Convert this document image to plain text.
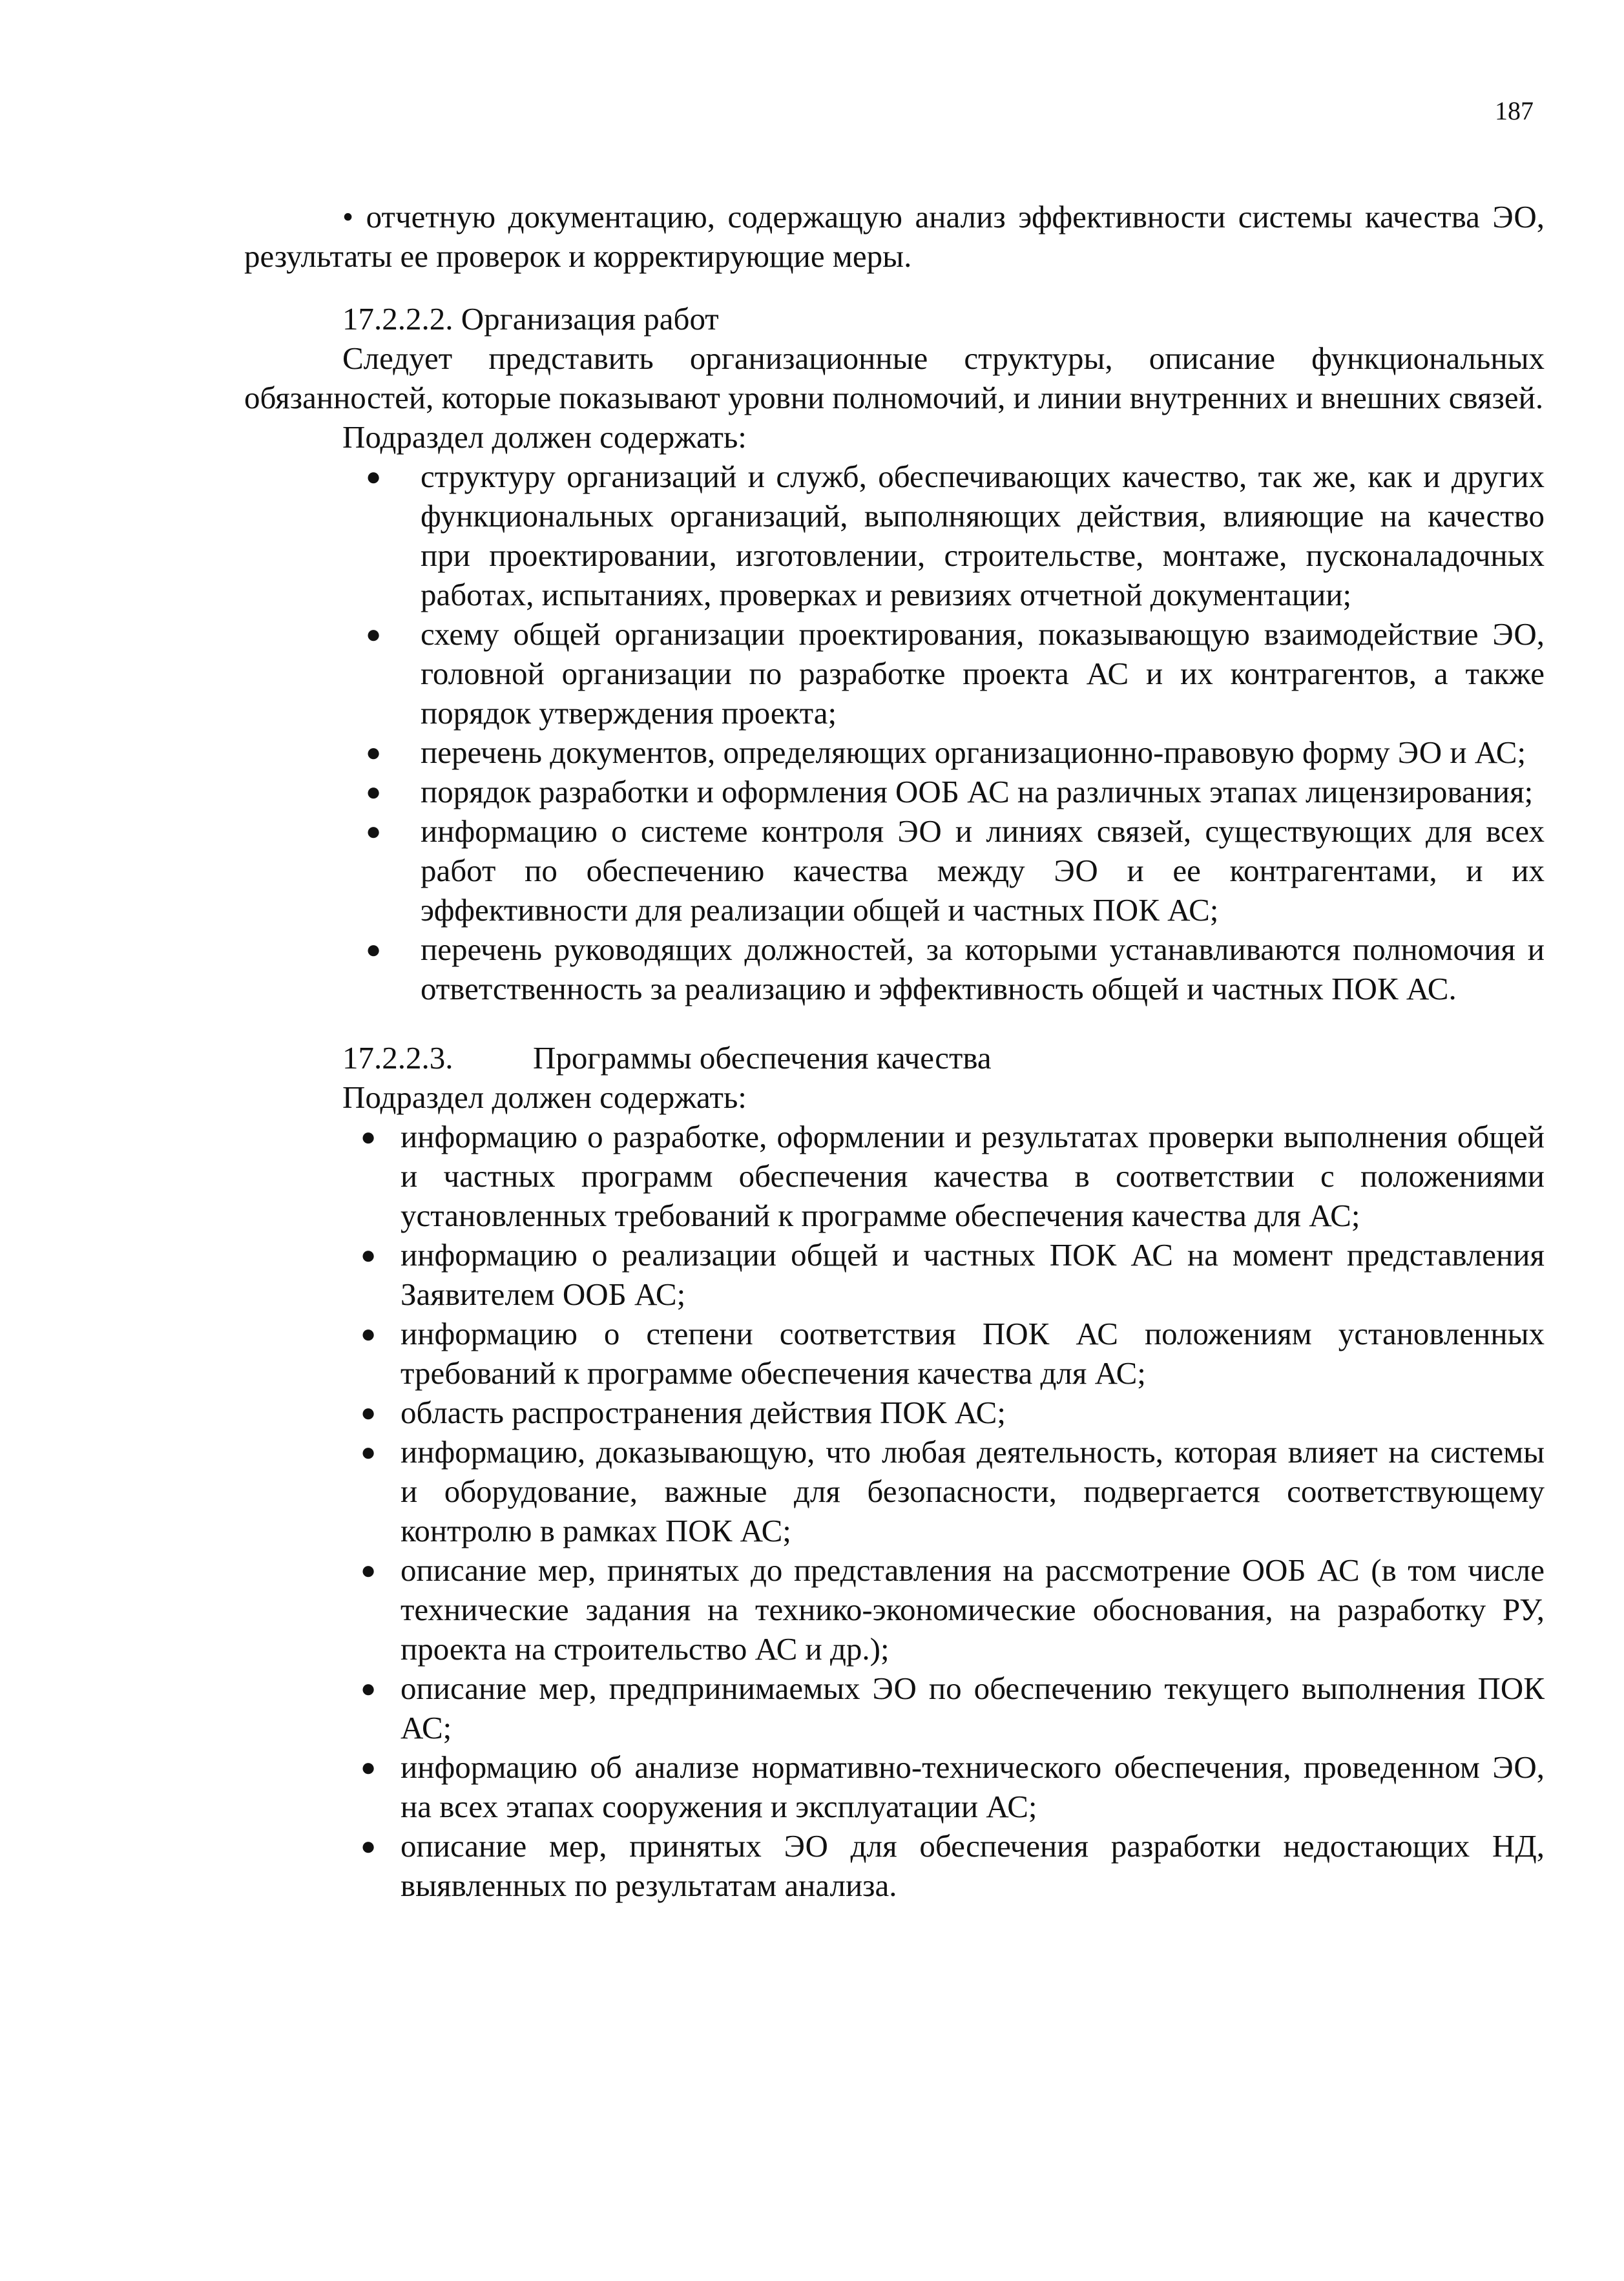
187

• отчетную документацию, содержащую анализ эффективности системы качества ЭО, результаты ее проверок и корректирующие меры.

17.2.2.2. Организация работ

Следует представить организационные структуры, описание функциональных обязанностей, которые показывают уровни полномочий, и линии внутренних и внешних связей.

Подраздел должен содержать:

● структуру организаций и служб, обеспечивающих качество, так же, как и других функциональных организаций, выполняющих действия, влияющие на качество при проектировании, изготовлении, строительстве, монтаже, пусконаладочных работах, испытаниях, проверках и ревизиях отчетной документации;
● схему общей организации проектирования, показывающую взаимодействие ЭО, головной организации по разработке проекта АС и их контрагентов, а также порядок утверждения проекта;
● перечень документов, определяющих организационно-правовую форму ЭО и АС;
● порядок разработки и оформления ООБ АС на различных этапах лицензирования;
● информацию о системе контроля ЭО и линиях связей, существующих для всех работ по обеспечению качества между ЭО и ее контрагентами, и их эффективности для реализации общей и частных ПОК АС;
● перечень руководящих должностей, за которыми устанавливаются полномочия и ответственность за реализацию и эффективность общей и частных ПОК АС.

17.2.2.3.	Программы обеспечения качества

Подраздел должен содержать:

● информацию о разработке, оформлении и результатах проверки выполнения общей и частных программ обеспечения качества в соответствии с положениями установленных требований к программе обеспечения качества для АС;
● информацию о реализации общей и частных ПОК АС на момент представления Заявителем ООБ АС;
● информацию о степени соответствия ПОК АС положениям установленных требований к программе обеспечения качества для АС;
● область распространения действия ПОК АС;
● информацию, доказывающую, что любая деятельность, которая влияет на системы и оборудование, важные для безопасности, подвергается соответствующему контролю в рамках ПОК АС;
● описание мер, принятых до представления на рассмотрение ООБ АС (в том числе технические задания на технико-экономические обоснования, на разработку РУ, проекта на строительство АС и др.);
● описание мер, предпринимаемых ЭО по обеспечению текущего выполнения ПОК АС;
● информацию об анализе нормативно-технического обеспечения, проведенном ЭО, на всех этапах сооружения и эксплуатации АС;
● описание мер, принятых ЭО для обеспечения разработки недостающих НД, выявленных по результатам анализа.
